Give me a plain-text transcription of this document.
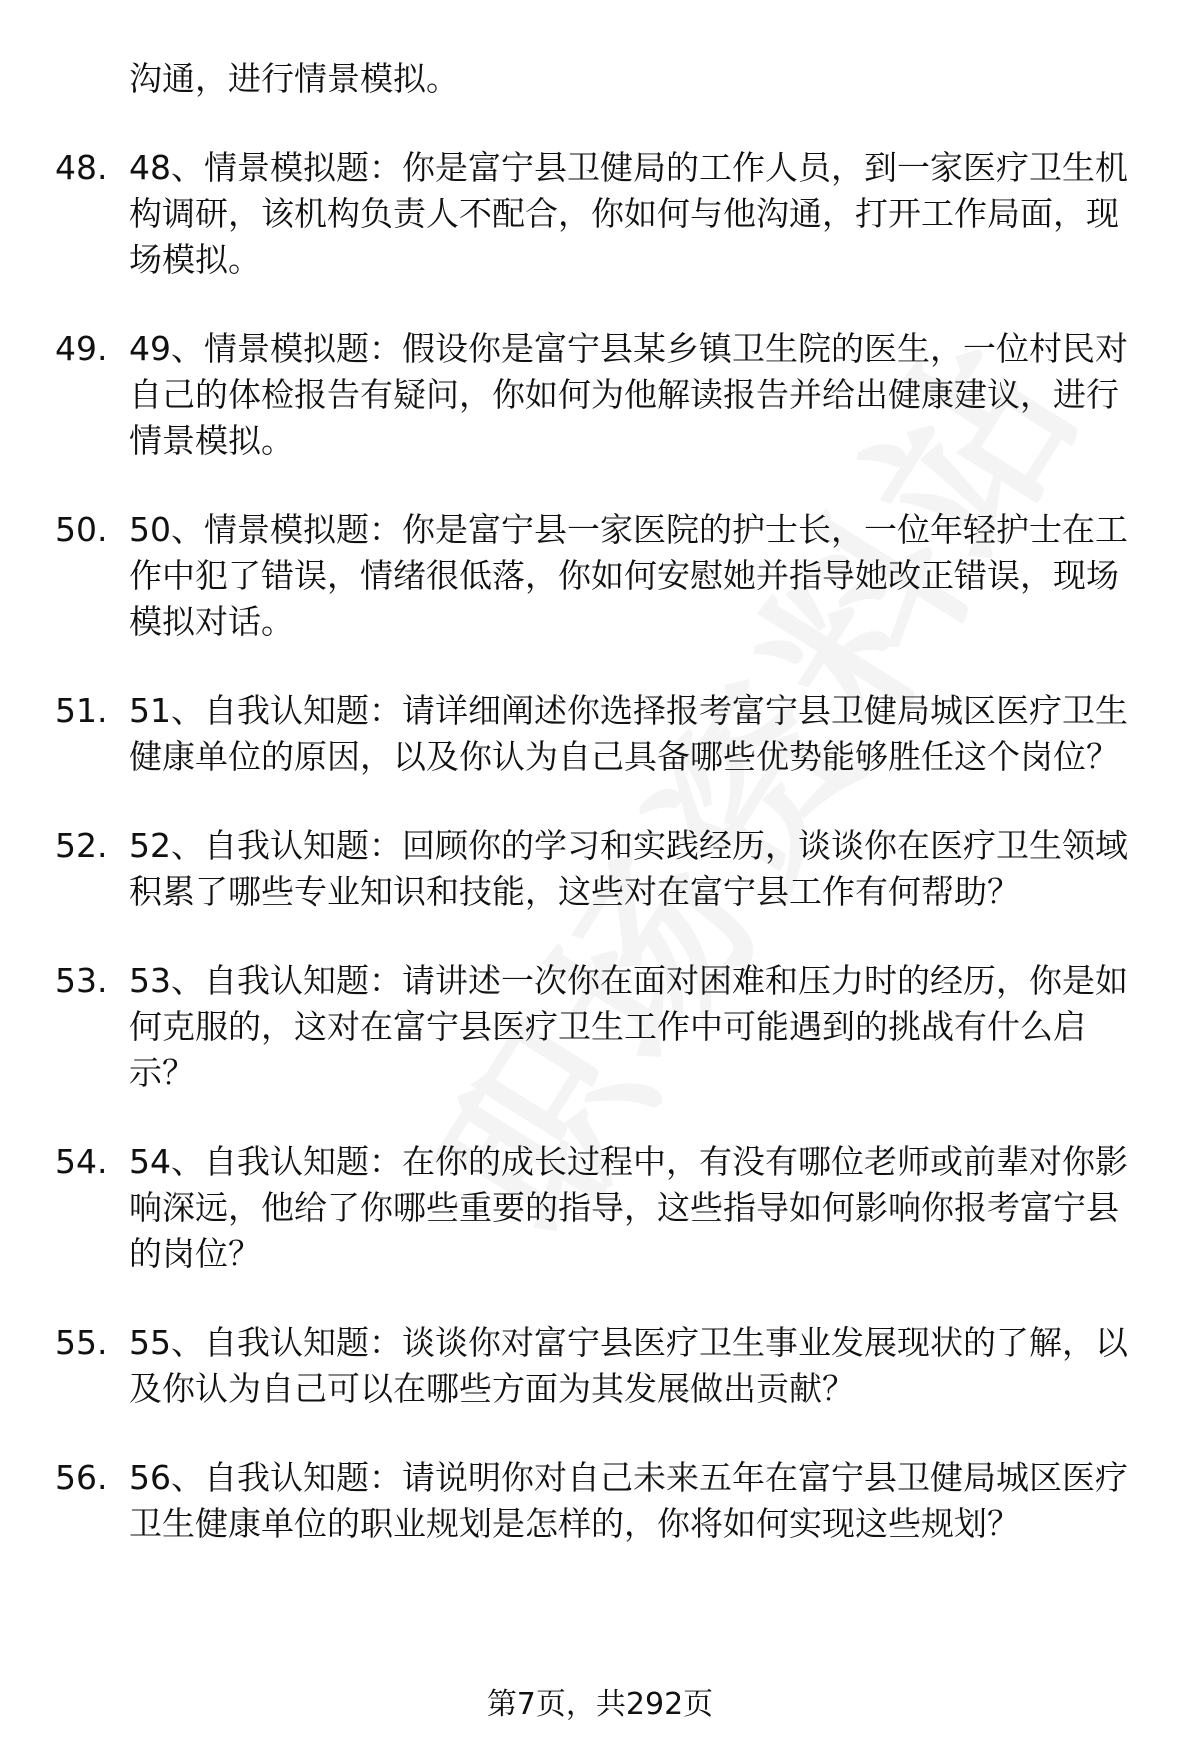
沟通，进行情景模拟。
48. 48、情景模拟题：你是富宁县卫健局的工作人员，到一家医疗卫生机构调研，该机构负责人不配合，你如何与他沟通，打开工作局面，现场模拟。
49. 49、情景模拟题：假设你是富宁县某乡镇卫生院的医生，一位村民对自己的体检报告有疑问，你如何为他解读报告并给出健康建议，进行情景模拟。
50. 50、情景模拟题：你是富宁县一家医院的护士长，一位年轻护士在工作中犯了错误，情绪很低落，你如何安慰她并指导她改正错误，现场模拟对话。
51. 51、自我认知题：请详细阐述你选择报考富宁县卫健局城区医疗卫生健康单位的原因，以及你认为自己具备哪些优势能够胜任这个岗位？
52. 52、自我认知题：回顾你的学习和实践经历，谈谈你在医疗卫生领域积累了哪些专业知识和技能，这些对在富宁县工作有何帮助？
53. 53、自我认知题：请讲述一次你在面对困难和压力时的经历，你是如何克服的，这对在富宁县医疗卫生工作中可能遇到的挑战有什么启示？
54. 54、自我认知题：在你的成长过程中，有没有哪位老师或前辈对你影响深远，他给了你哪些重要的指导，这些指导如何影响你报考富宁县的岗位？
55. 55、自我认知题：谈谈你对富宁县医疗卫生事业发展现状的了解，以及你认为自己可以在哪些方面为其发展做出贡献？
56. 56、自我认知题：请说明你对自己未来五年在富宁县卫健局城区医疗卫生健康单位的职业规划是怎样的，你将如何实现这些规划？
第7页，共292页
